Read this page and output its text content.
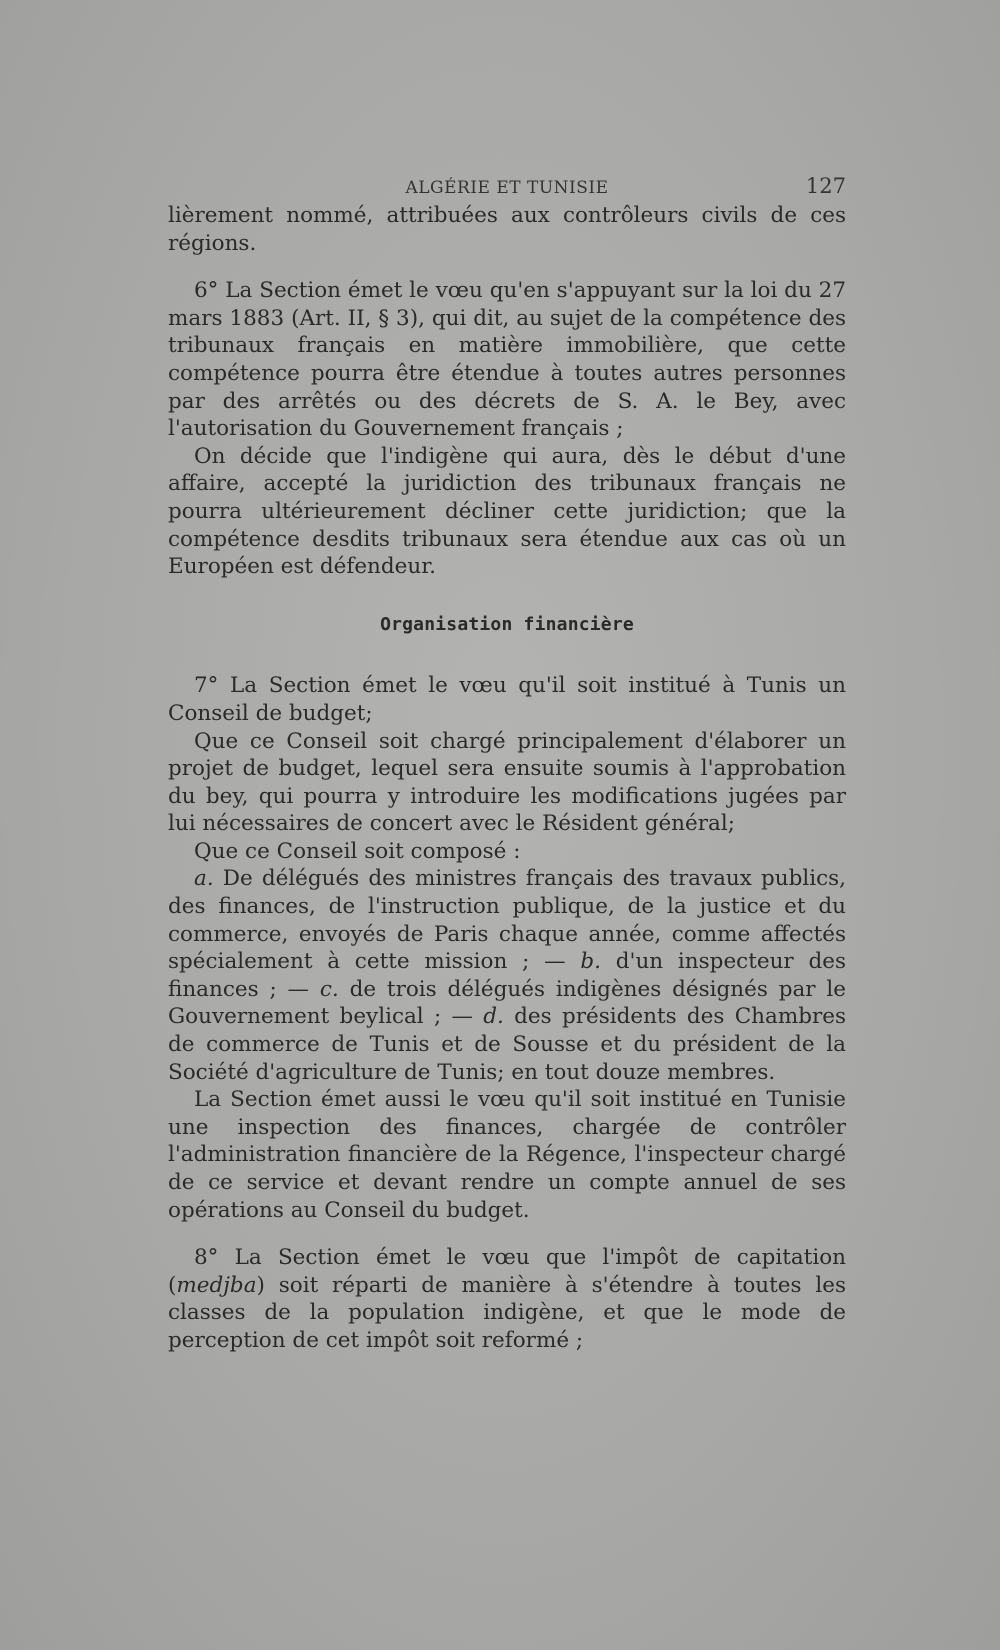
ALGÉRIE ET TUNISIE	127

lièrement nommé, attribuées aux contrôleurs civils de ces régions.

6° La Section émet le vœu qu'en s'appuyant sur la loi du 27 mars 1883 (Art. II, § 3), qui dit, au sujet de la compétence des tribunaux français en matière immobilière, que cette compétence pourra être étendue à toutes autres personnes par des arrêtés ou des décrets de S. A. le Bey, avec l'autorisation du Gouvernement français ;

On décide que l'indigène qui aura, dès le début d'une affaire, accepté la juridiction des tribunaux français ne pourra ultérieurement décliner cette juridiction; que la compétence desdits tribunaux sera étendue aux cas où un Européen est défendeur.

Organisation financière

7° La Section émet le vœu qu'il soit institué à Tunis un Conseil de budget;

Que ce Conseil soit chargé principalement d'élaborer un projet de budget, lequel sera ensuite soumis à l'approbation du bey, qui pourra y introduire les modifications jugées par lui nécessaires de concert avec le Résident général;

Que ce Conseil soit composé :

a. De délégués des ministres français des travaux publics, des finances, de l'instruction publique, de la justice et du commerce, envoyés de Paris chaque année, comme affectés spécialement à cette mission ; — b. d'un inspecteur des finances ; — c. de trois délégués indigènes désignés par le Gouvernement beylical ; — d. des présidents des Chambres de commerce de Tunis et de Sousse et du président de la Société d'agriculture de Tunis; en tout douze membres.

La Section émet aussi le vœu qu'il soit institué en Tunisie une inspection des finances, chargée de contrôler l'administration financière de la Régence, l'inspecteur chargé de ce service et devant rendre un compte annuel de ses opérations au Conseil du budget.

8° La Section émet le vœu que l'impôt de capitation (medjba) soit réparti de manière à s'étendre à toutes les classes de la population indigène, et que le mode de perception de cet impôt soit reformé ;
